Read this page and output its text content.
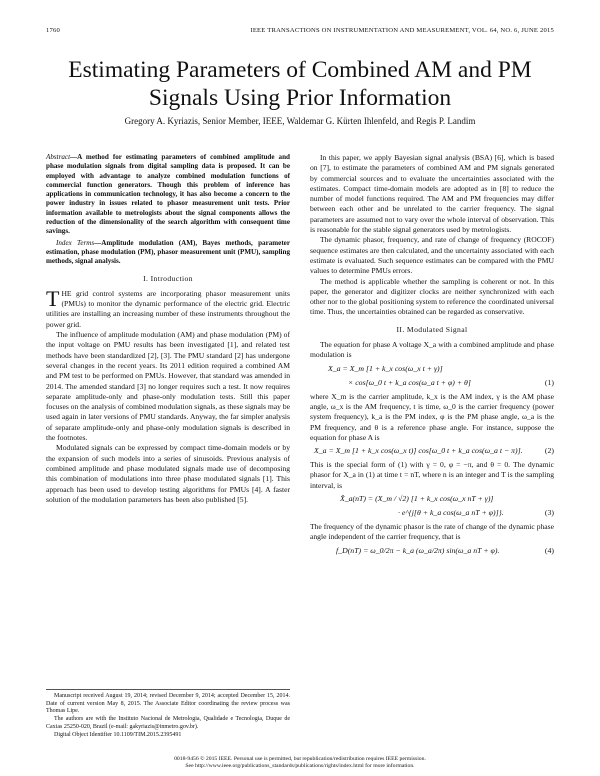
1760	IEEE TRANSACTIONS ON INSTRUMENTATION AND MEASUREMENT, VOL. 64, NO. 6, JUNE 2015
Estimating Parameters of Combined AM and PM Signals Using Prior Information
Gregory A. Kyriazis, Senior Member, IEEE, Waldemar G. Kürten Ihlenfeld, and Regis P. Landim

Abstract—A method for estimating parameters of combined amplitude and phase modulation signals from digital sampling data is proposed. It can be employed with advantage to analyze combined modulation functions of commercial function generators. Though this problem of inference has applications in communication technology, it has also become a concern to the power industry in issues related to phasor measurement unit tests. Prior information available to metrologists about the signal components allows the reduction of the dimensionality of the search algorithm with consequent time savings.

Index Terms—Amplitude modulation (AM), Bayes methods, parameter estimation, phase modulation (PM), phasor measurement unit (PMU), sampling methods, signal analysis.

I. Introduction

THE grid control systems are incorporating phasor measurement units (PMUs) to monitor the dynamic performance of the electric grid. Electric utilities are installing an increasing number of these instruments throughout the power grid.

The influence of amplitude modulation (AM) and phase modulation (PM) of the input voltage on PMU results has been investigated [1], and related test methods have been standardized [2], [3]. The PMU standard [2] has undergone several changes in the recent years. Its 2011 edition required a combined AM and PM test to be performed on PMUs. However, that standard was amended in 2014. The amended standard [3] no longer requires such a test. It now requires separate amplitude-only and phase-only modulation tests. Still this paper focuses on the analysis of combined modulation signals, as these signals may be used again in later versions of PMU standards. Anyway, the far simpler analysis of separate amplitude-only and phase-only modulation signals is described in the footnotes.

Modulated signals can be expressed by compact time-domain models or by the expansion of such models into a series of sinusoids. Previous analysis of combined amplitude and phase modulated signals made use of decomposing this combination of modulations into three phase modulated signals [1]. This approach has been used to develop testing algorithms for PMUs [4]. A faster solution of the modulation parameters has been also published [5].

Manuscript received August 19, 2014; revised December 9, 2014; accepted December 15, 2014. Date of current version May 8, 2015. The Associate Editor coordinating the review process was Thomas Lipe.

The authors are with the Instituto Nacional de Metrologia, Qualidade e Tecnologia, Duque de Caxias 25250-020, Brazil (e-mail: gakyriazis@inmetro.gov.br).

Digital Object Identifier 10.1109/TIM.2015.2395491

In this paper, we apply Bayesian signal analysis (BSA) [6], which is based on [7], to estimate the parameters of combined AM and PM signals generated by commercial sources and to evaluate the uncertainties associated with the estimates. Compact time-domain models are adopted as in [8] to reduce the number of model functions required. The AM and PM frequencies may differ between each other and be unrelated to the carrier frequency. The signal parameters are assumed not to vary over the whole interval of observation. This is reasonable for the stable signal generators used by metrologists.

The dynamic phasor, frequency, and rate of change of frequency (ROCOF) sequence estimates are then calculated, and the uncertainty associated with each estimate is evaluated. Such sequence estimates can be compared with the PMU values to determine PMUs errors.

The method is applicable whether the sampling is coherent or not. In this paper, the generator and digitizer clocks are neither synchronized with each other nor to the global positioning system to reference the coordinated universal time. Thus, the uncertainties obtained can be regarded as conservative.

II. Modulated Signal

The equation for phase A voltage X_a with a combined amplitude and phase modulation is

X_a = X_m [1 + k_x cos(ω_x t + γ)]
× cos[ω_0 t + k_a cos(ω_a t + φ) + θ]	(1)

where X_m is the carrier amplitude, k_x is the AM index, γ is the AM phase angle, ω_x is the AM frequency, t is time, ω_0 is the carrier frequency (power system frequency), k_a is the PM index, φ is the PM phase angle, ω_a is the PM frequency, and θ is a reference phase angle. For instance, suppose the equation for phase A is

X_a = X_m [1 + k_x cos(ω_x t)] cos[ω_0 t + k_a cos(ω_a t − π)].	(2)

This is the special form of (1) with γ = 0, φ = −π, and θ = 0. The dynamic phasor for X_a in (1) at time t = nT, where n is an integer and T is the sampling interval, is

X̂_a(nT) = (X_m / √2) [1 + k_x cos(ω_x nT + γ)]
· e^{j[θ + k_a cos(ω_a nT + φ)]}.	(3)

The frequency of the dynamic phasor is the rate of change of the dynamic phase angle independent of the carrier frequency, that is

f_D(nT) = ω_0/2π − k_a (ω_a/2π) sin(ω_a nT + φ).	(4)
0018-9456 © 2015 IEEE. Personal use is permitted, but republication/redistribution requires IEEE permission.
See http://www.ieee.org/publications_standards/publications/rights/index.html for more information.
